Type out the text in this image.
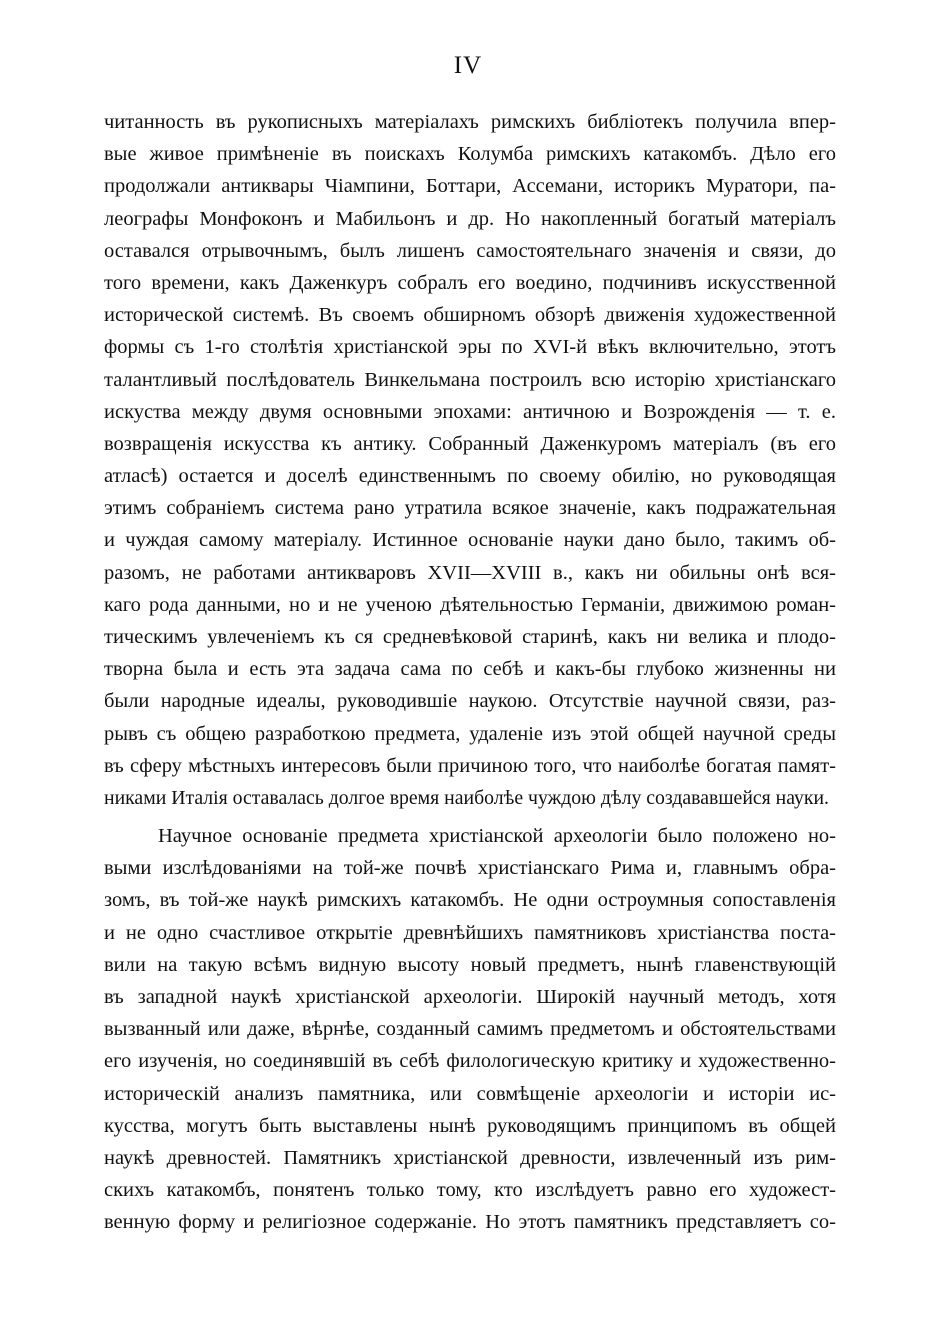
IV
читанность въ рукописныхъ матеріалахъ римскихъ библіотекъ получила впер-
вые живое примѣненіе въ поискахъ Колумба римскихъ катакомбъ. Дѣло его
продолжали антиквары Чіампини, Боттари, Ассемани, историкъ Муратори, па-
леографы Монфоконъ и Мабильонъ и др. Но накопленный богатый матеріалъ
оставался отрывочнымъ, былъ лишенъ самостоятельнаго значенія и связи, до
того времени, какъ Даженкуръ собралъ его воедино, подчинивъ искусственной
исторической системѣ. Въ своемъ обширномъ обзорѣ движенія художественной
формы съ 1-го столѣтія христіанской эры по XVI-й вѣкъ включительно, этотъ
талантливый послѣдователь Винкельмана построилъ всю исторію христіанскаго
искуства между двумя основными эпохами: античною и Возрожденія — т. е.
возвращенія искусства къ антику. Собранный Даженкуромъ матеріалъ (въ его
атласѣ) остается и доселѣ единственнымъ по своему обилію, но руководящая
этимъ собраніемъ система рано утратила всякое значеніе, какъ подражательная
и чуждая самому матеріалу. Истинное основаніе науки дано было, такимъ об-
разомъ, не работами антикваровъ XVII—XVIII в., какъ ни обильны онѣ вся-
каго рода данными, но и не ученою дѣятельностью Германіи, движимою роман-
тическимъ увлеченіемъ къ ся средневѣковой старинѣ, какъ ни велика и плодо-
творна была и есть эта задача сама по себѣ и какъ-бы глубоко жизненны ни
были народные идеалы, руководившіе наукою. Отсутствіе научной связи, раз-
рывъ съ общею разработкою предмета, удаленіе изъ этой общей научной среды
въ сферу мѣстныхъ интересовъ были причиною того, что наиболѣе богатая памят-
никами Италія оставалась долгое время наиболѣе чуждою дѣлу создававшейся науки.
Научное основаніе предмета христіанской археологіи было положено но-
выми изслѣдованіями на той-же почвѣ христіанскаго Рима и, главнымъ обра-
зомъ, въ той-же наукѣ римскихъ катакомбъ. Не одни остроумныя сопоставленія
и не одно счастливое открытіе древнѣйшихъ памятниковъ христіанства поста-
вили на такую всѣмъ видную высоту новый предметъ, нынѣ главенствующій
въ западной наукѣ христіанской археологіи. Широкій научный методъ, хотя
вызванный или даже, вѣрнѣе, созданный самимъ предметомъ и обстоятельствами
его изученія, но соединявшій въ себѣ филологическую критику и художественно-
историческій анализъ памятника, или совмѣщеніе археологіи и исторіи ис-
кусства, могутъ быть выставлены нынѣ руководящимъ принципомъ въ общей
наукѣ древностей. Памятникъ христіанской древности, извлеченный изъ рим-
скихъ катакомбъ, понятенъ только тому, кто изслѣдуетъ равно его художест-
венную форму и религіозное содержаніе. Но этотъ памятникъ представляетъ со-
